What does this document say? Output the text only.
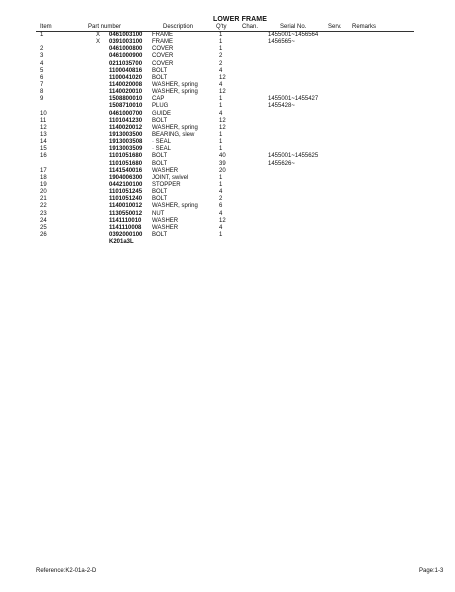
LOWER FRAME
Item	Part number	Description	Q'ty	Chan.	Serial No.	Serv. Remarks
1	X 0461003100 FRAME	1	1455001~1456564
X 0391003100 FRAME	1	1456565~
2	0461000800 COVER	1
3	0461000900 COVER	2
4	0211035700 COVER	2
5	1100040816 BOLT	4
6	1100041020 BOLT	12
7	1140020008 WASHER, spring	4
8	1140020010 WASHER, spring	12
9	1508800010 CAP	1	1455001~1455427
1508710010 PLUG	1	1455428~
10	0461000700 GUIDE	4
11	1101041230 BOLT	12
12	1140020012 WASHER, spring	12
13	1913003500 BEARING, slew	1
14	1913003508 · SEAL	1
15	1913003509 · SEAL	1
16	1101051680 BOLT	40	1455001~1455625
1101051680 BOLT	39	1455626~
17	1141540016 WASHER	20
18	1904006300 JOINT, swivel	1
19	0442100100 STOPPER	1
20	1101051245 BOLT	4
21	1101051240 BOLT	2
22	1140010012 WASHER, spring	6
23	1130550012 NUT	4
24	1141110010 WASHER	12
25	1141110008 WASHER	4
26	0392000100 BOLT	1
K201a3L
Reference:K2-01a-2-D	Page:1-3
